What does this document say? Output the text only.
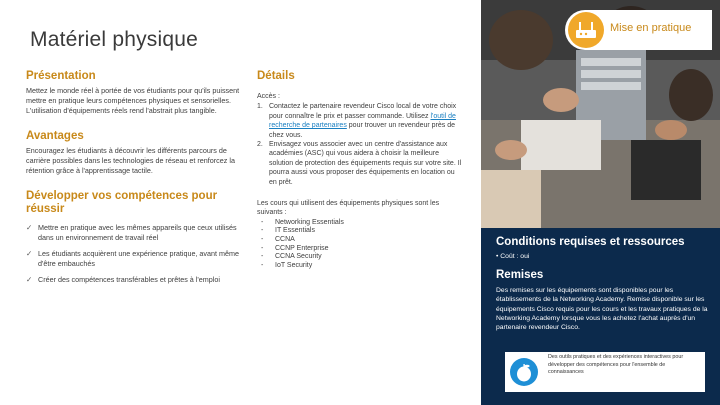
Matériel physique
Présentation
Mettez le monde réel à portée de vos étudiants pour qu'ils puissent mettre en pratique leurs compétences physiques et sensorielles. L'utilisation d'équipements réels rend l'abstrait plus tangible.
Avantages
Encouragez les étudiants à découvrir les différents parcours de carrière possibles dans les technologies de réseau et renforcez la rétention grâce à l'apprentissage tactile.
Développer vos compétences pour réussir
✓ Mettre en pratique avec les mêmes appareils que ceux utilisés dans un environnement de travail réel
✓ Les étudiants acquièrent une expérience pratique, avant même d'être embauchés
✓ Créer des compétences transférables et prêtes à l'emploi
Détails
Accès :
1. Contactez le partenaire revendeur Cisco local de votre choix pour connaître le prix et passer commande. Utilisez l'outil de recherche de partenaires pour trouver un revendeur près de chez vous.
2. Envisagez vous associer avec un centre d'assistance aux académies (ASC) qui vous aidera à choisir la meilleure solution de protection des équipements requis sur votre site. Il pourra aussi vous proposer des équipements en location ou en prêt.
Les cours qui utilisent des équipements physiques sont les suivants :
- Networking Essentials
- IT Essentials
- CCNA
- CCNP Enterprise
- CCNA Security
- IoT Security
Mise en pratique
Conditions requises et ressources
• Coût : oui
Remises
Des remises sur les équipements sont disponibles pour les établissements de la Networking Academy. Remise disponible sur les équipements Cisco requis pour les cours et les travaux pratiques de la Networking Academy lorsque vous les achetez l'achat auprès d'un partenaire revendeur Cisco.
Des outils pratiques et des expériences interactives pour développer des compétences pour l'ensemble de connaissances
